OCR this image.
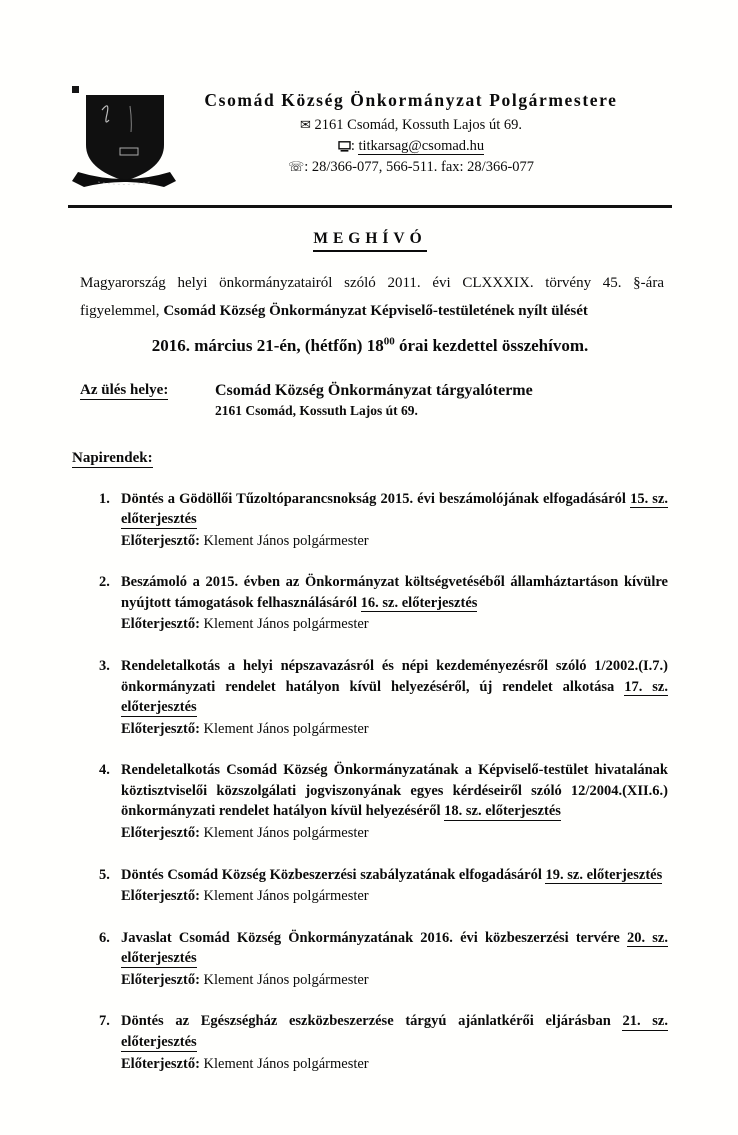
Csomád Község Önkormányzat Polgármestere
✉ 2161 Csomád, Kossuth Lajos út 69.
: titkarsag@csomad.hu
☏: 28/366-077, 566-511. fax: 28/366-077
MEGHÍVÓ

Magyarország helyi önkormányzatairól szóló 2011. évi CLXXXIX. törvény 45. §-ára figyelemmel, Csomád Község Önkormányzat Képviselő-testületének nyílt ülését

2016. március 21-én, (hétfőn) $18^{00}$ órai kezdettel összehívom.

Az ülés helye:	Csomád Község Önkormányzat tárgyalóterme
2161 Csomád, Kossuth Lajos út 69.
Napirendek:
1. Döntés a Gödöllői Tűzoltóparancsnokság 2015. évi beszámolójának elfogadásáról 15. sz. előterjesztés

Előterjesztő: Klement János polgármester

2. Beszámoló a 2015. évben az Önkormányzat költségvetéséből államháztartáson kívülre nyújtott támogatások felhasználásáról 16. sz. előterjesztés

Előterjesztő: Klement János polgármester

3. Rendeletalkotás a helyi népszavazásról és népi kezdeményezésről szóló 1/2002.(I.7.) önkormányzati rendelet hatályon kívül helyezéséről, új rendelet alkotása 17. sz. előterjesztés

Előterjesztő: Klement János polgármester

4. Rendeletalkotás Csomád Község Önkormányzatának a Képviselő-testület hivatalának köztisztviselői közszolgálati jogviszonyának egyes kérdéseiről szóló 12/2004.(XII.6.) önkormányzati rendelet hatályon kívül helyezéséről 18. sz. előterjesztés

Előterjesztő: Klement János polgármester

5. Döntés Csomád Község Közbeszerzési szabályzatának elfogadásáról 19. sz. előterjesztés

Előterjesztő: Klement János polgármester

6. Javaslat Csomád Község Önkormányzatának 2016. évi közbeszerzési tervére 20. sz. előterjesztés

Előterjesztő: Klement János polgármester

7. Döntés az Egészségház eszközbeszerzése tárgyú ajánlatkérői eljárásban 21. sz. előterjesztés

Előterjesztő: Klement János polgármester
